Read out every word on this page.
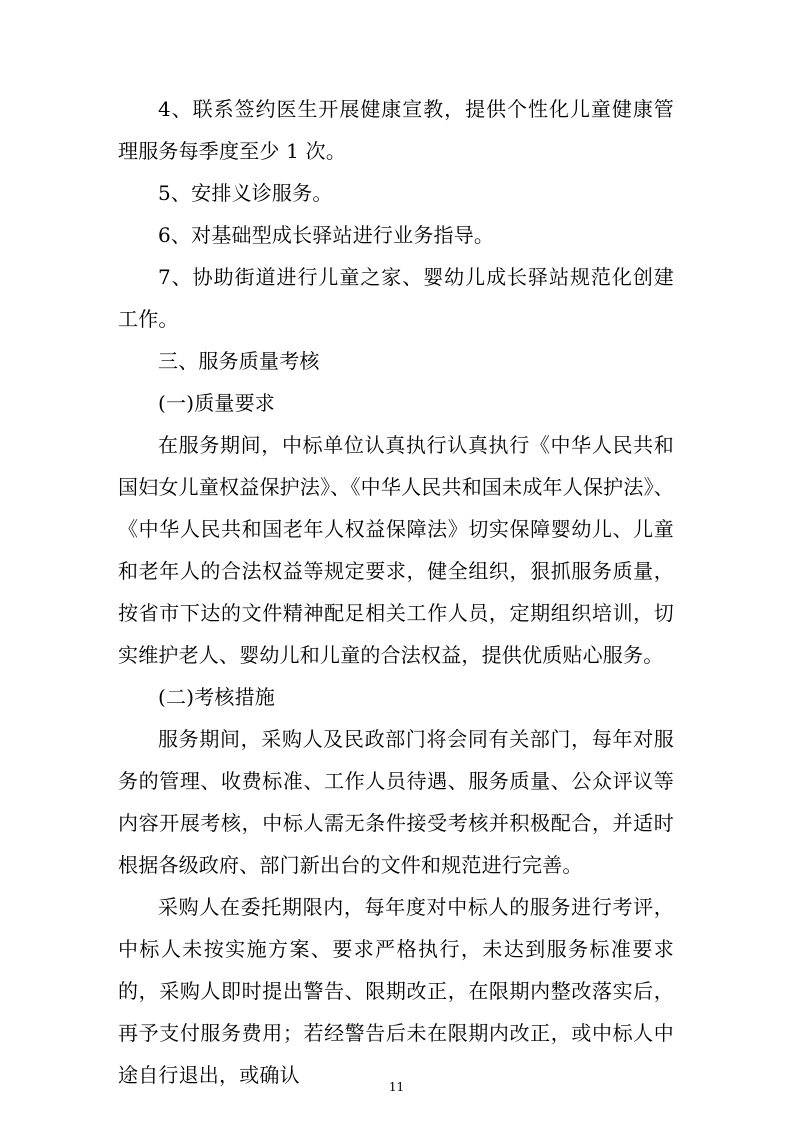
4、联系签约医生开展健康宣教，提供个性化儿童健康管理服务每季度至少 1 次。

5、安排义诊服务。

6、对基础型成长驿站进行业务指导。

7、协助街道进行儿童之家、婴幼儿成长驿站规范化创建工作。

三、服务质量考核

(一)质量要求

在服务期间，中标单位认真执行认真执行《中华人民共和国妇女儿童权益保护法》、《中华人民共和国未成年人保护法》、《中华人民共和国老年人权益保障法》切实保障婴幼儿、儿童和老年人的合法权益等规定要求，健全组织，狠抓服务质量，按省市下达的文件精神配足相关工作人员，定期组织培训，切实维护老人、婴幼儿和儿童的合法权益，提供优质贴心服务。

(二)考核措施

服务期间，采购人及民政部门将会同有关部门，每年对服务的管理、收费标准、工作人员待遇、服务质量、公众评议等内容开展考核，中标人需无条件接受考核并积极配合，并适时根据各级政府、部门新出台的文件和规范进行完善。

采购人在委托期限内，每年度对中标人的服务进行考评，中标人未按实施方案、要求严格执行，未达到服务标准要求的，采购人即时提出警告、限期改正，在限期内整改落实后，再予支付服务费用；若经警告后未在限期内改正，或中标人中途自行退出，或确认	11
